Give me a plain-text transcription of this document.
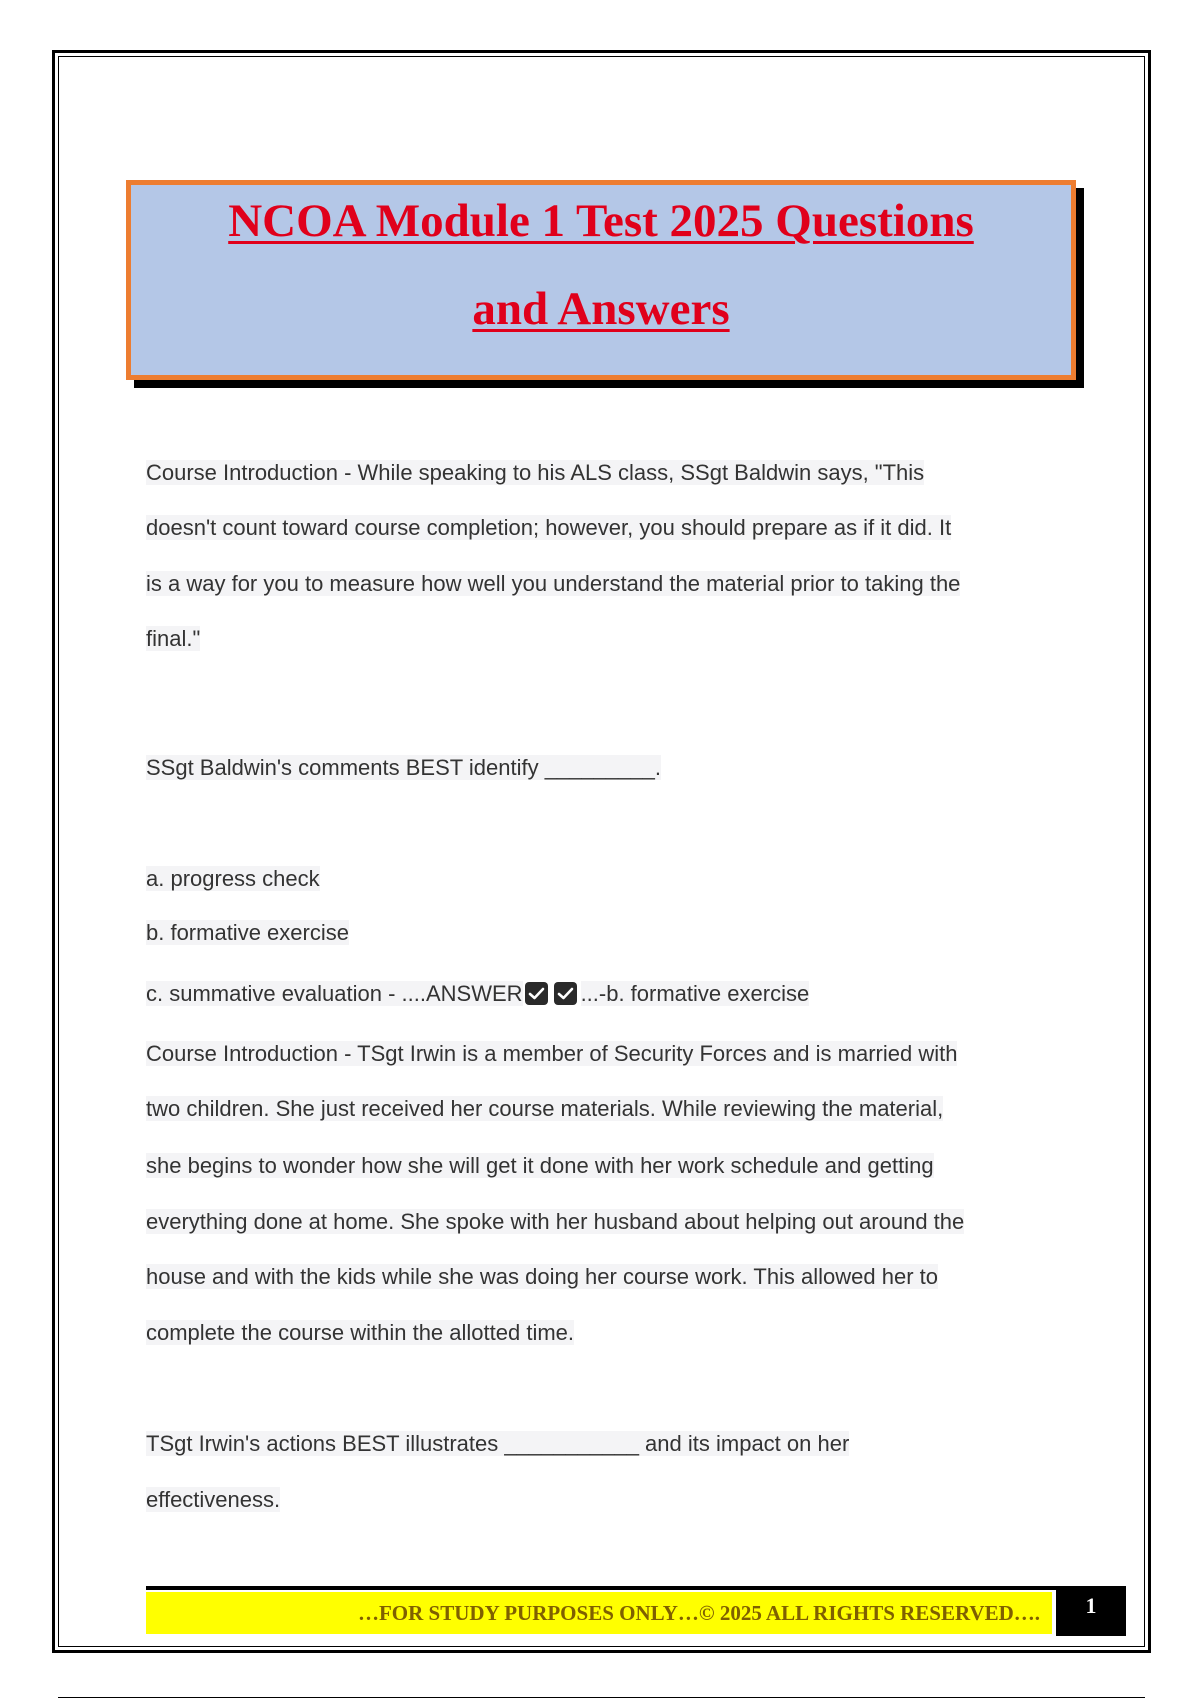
NCOA Module 1 Test 2025 Questions
and Answers
Course Introduction - While speaking to his ALS class, SSgt Baldwin says, "This
doesn't count toward course completion; however, you should prepare as if it did. It
is a way for you to measure how well you understand the material prior to taking the
final."
SSgt Baldwin's comments BEST identify _________.
a. progress check
b. formative exercise
c. summative evaluation - ....ANSWER	...-b. formative exercise
Course Introduction - TSgt Irwin is a member of Security Forces and is married with
two children. She just received her course materials. While reviewing the material,
she begins to wonder how she will get it done with her work schedule and getting
everything done at home. She spoke with her husband about helping out around the
house and with the kids while she was doing her course work. This allowed her to
complete the course within the allotted time.
TSgt Irwin's actions BEST illustrates ___________ and its impact on her
effectiveness.
…FOR STUDY PURPOSES ONLY…© 2025 ALL RIGHTS RESERVED….	1
